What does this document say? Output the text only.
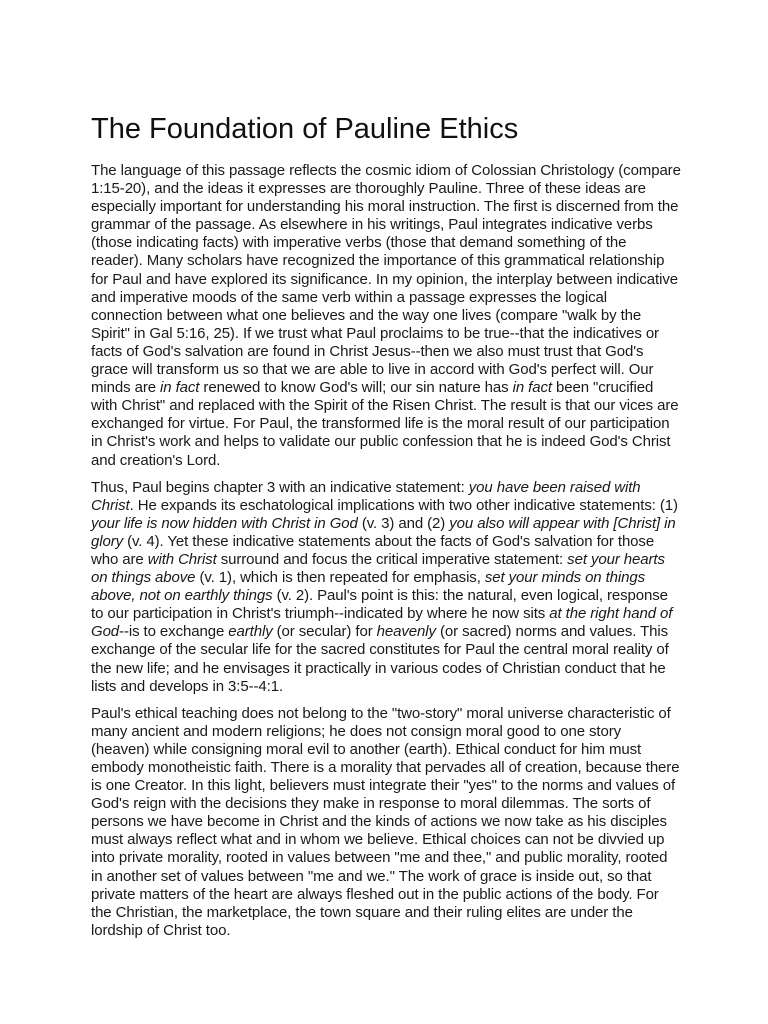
The Foundation of Pauline Ethics

The language of this passage reflects the cosmic idiom of Colossian Christology (compare 1:15-20), and the ideas it expresses are thoroughly Pauline. Three of these ideas are especially important for understanding his moral instruction. The first is discerned from the grammar of the passage. As elsewhere in his writings, Paul integrates indicative verbs (those indicating facts) with imperative verbs (those that demand something of the reader). Many scholars have recognized the importance of this grammatical relationship for Paul and have explored its significance. In my opinion, the interplay between indicative and imperative moods of the same verb within a passage expresses the logical connection between what one believes and the way one lives (compare "walk by the Spirit" in Gal 5:16, 25). If we trust what Paul proclaims to be true--that the indicatives or facts of God's salvation are found in Christ Jesus--then we also must trust that God's grace will transform us so that we are able to live in accord with God's perfect will. Our minds are in fact renewed to know God's will; our sin nature has in fact been "crucified with Christ" and replaced with the Spirit of the Risen Christ. The result is that our vices are exchanged for virtue. For Paul, the transformed life is the moral result of our participation in Christ's work and helps to validate our public confession that he is indeed God's Christ and creation's Lord.

Thus, Paul begins chapter 3 with an indicative statement: you have been raised with Christ. He expands its eschatological implications with two other indicative statements: (1) your life is now hidden with Christ in God (v. 3) and (2) you also will appear with [Christ] in glory (v. 4). Yet these indicative statements about the facts of God's salvation for those who are with Christ surround and focus the critical imperative statement: set your hearts on things above (v. 1), which is then repeated for emphasis, set your minds on things above, not on earthly things (v. 2). Paul's point is this: the natural, even logical, response to our participation in Christ's triumph--indicated by where he now sits at the right hand of God--is to exchange earthly (or secular) for heavenly (or sacred) norms and values. This exchange of the secular life for the sacred constitutes for Paul the central moral reality of the new life; and he envisages it practically in various codes of Christian conduct that he lists and develops in 3:5--4:1.

Paul's ethical teaching does not belong to the "two-story" moral universe characteristic of many ancient and modern religions; he does not consign moral good to one story (heaven) while consigning moral evil to another (earth). Ethical conduct for him must embody monotheistic faith. There is a morality that pervades all of creation, because there is one Creator. In this light, believers must integrate their "yes" to the norms and values of God's reign with the decisions they make in response to moral dilemmas. The sorts of persons we have become in Christ and the kinds of actions we now take as his disciples must always reflect what and in whom we believe. Ethical choices can not be divvied up into private morality, rooted in values between "me and thee," and public morality, rooted in another set of values between "me and we." The work of grace is inside out, so that private matters of the heart are always fleshed out in the public actions of the body. For the Christian, the marketplace, the town square and their ruling elites are under the lordship of Christ too.
